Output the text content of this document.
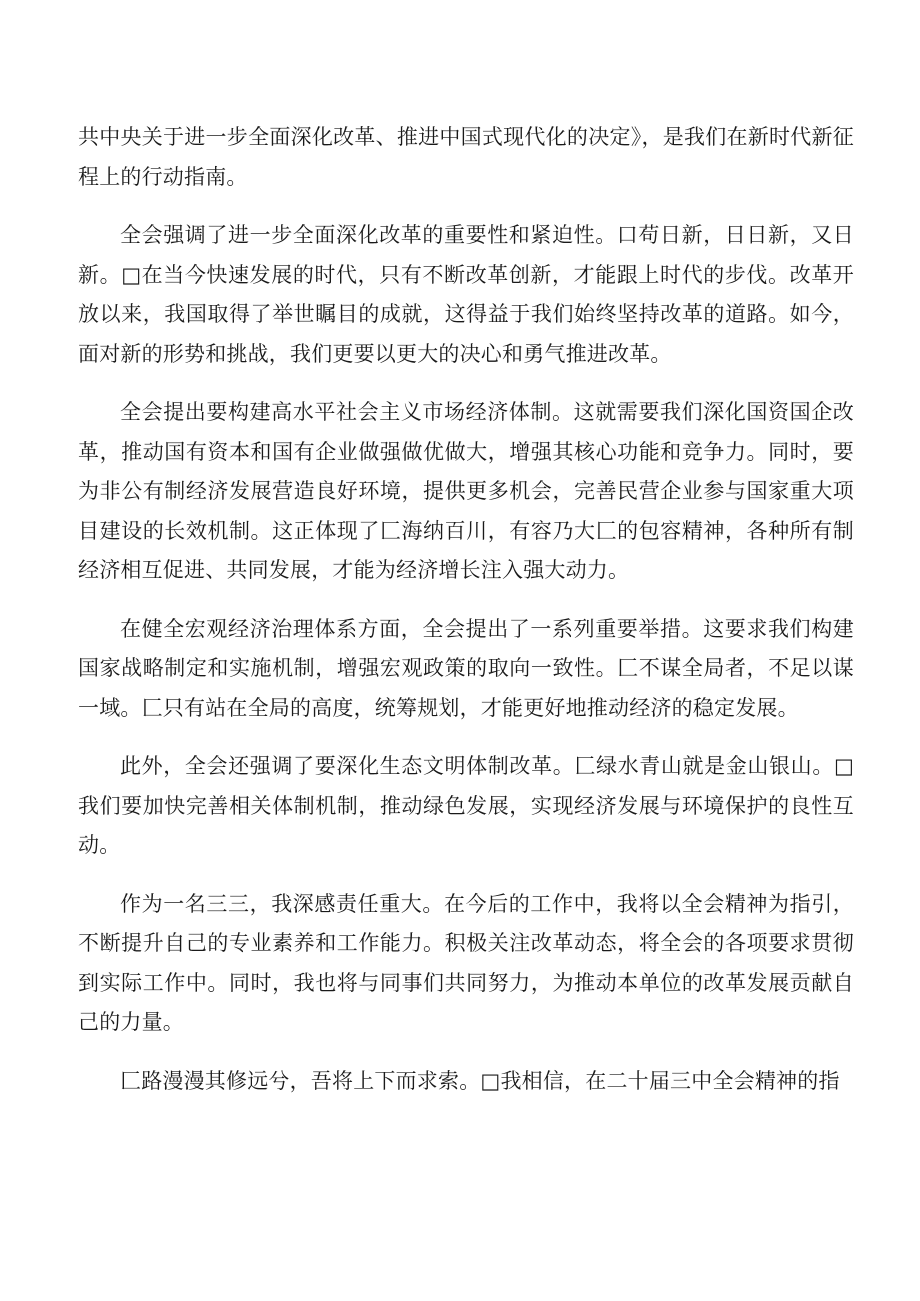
共中央关于进一步全面深化改革、推进中国式现代化的决定》，是我们在新时代新征程上的行动指南。

全会强调了进一步全面深化改革的重要性和紧迫性。口苟日新，日日新，又日新。□在当今快速发展的时代，只有不断改革创新，才能跟上时代的步伐。改革开放以来，我国取得了举世瞩目的成就，这得益于我们始终坚持改革的道路。如今，面对新的形势和挑战，我们更要以更大的决心和勇气推进改革。

全会提出要构建高水平社会主义市场经济体制。这就需要我们深化国资国企改革，推动国有资本和国有企业做强做优做大，增强其核心功能和竞争力。同时，要为非公有制经济发展营造良好环境，提供更多机会，完善民营企业参与国家重大项目建设的长效机制。这正体现了匚海纳百川，有容乃大匚的包容精神，各种所有制经济相互促进、共同发展，才能为经济增长注入强大动力。

在健全宏观经济治理体系方面，全会提出了一系列重要举措。这要求我们构建国家战略制定和实施机制，增强宏观政策的取向一致性。匚不谋全局者，不足以谋一域。匚只有站在全局的高度，统筹规划，才能更好地推动经济的稳定发展。

此外，全会还强调了要深化生态文明体制改革。匚绿水青山就是金山银山。□我们要加快完善相关体制机制，推动绿色发展，实现经济发展与环境保护的良性互动。

作为一名三三，我深感责任重大。在今后的工作中，我将以全会精神为指引，不断提升自己的专业素养和工作能力。积极关注改革动态，将全会的各项要求贯彻到实际工作中。同时，我也将与同事们共同努力，为推动本单位的改革发展贡献自己的力量。

匚路漫漫其修远兮，吾将上下而求索。□我相信，在二十届三中全会精神的指
